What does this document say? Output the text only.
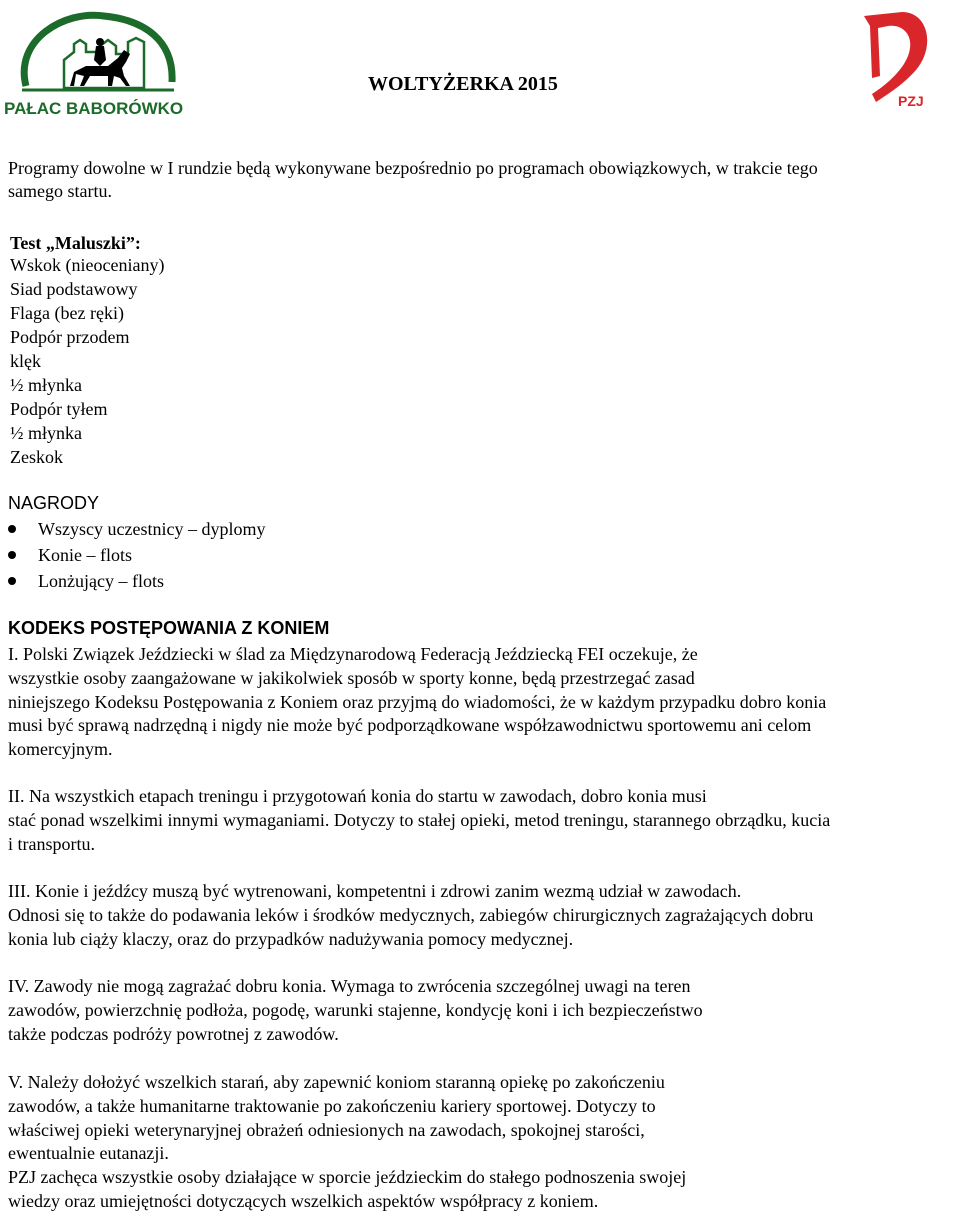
PAŁAC BABORÓWKO	PZJ
WOLTYŻERKA 2015
Programy dowolne w I rundzie będą wykonywane bezpośrednio po programach obowiązkowych, w trakcie tego
samego startu.
Test „Maluszki”:
Wskok (nieoceniany)
Siad podstawowy
Flaga (bez ręki)
Podpór przodem
klęk
½ młynka
Podpór tyłem
½ młynka
Zeskok
NAGRODY
Wszyscy uczestnicy – dyplomy
Konie – flots
Lonżujący – flots
KODEKS POSTĘPOWANIA Z KONIEM
I. Polski Związek Jeździecki w ślad za Międzynarodową Federacją Jeździecką FEI oczekuje, że
wszystkie osoby zaangażowane w jakikolwiek sposób w sporty konne, będą przestrzegać zasad
niniejszego Kodeksu Postępowania z Koniem oraz przyjmą do wiadomości, że w każdym przypadku dobro konia
musi być sprawą nadrzędną i nigdy nie może być podporządkowane współzawodnictwu sportowemu ani celom
komercyjnym.
II. Na wszystkich etapach treningu i przygotowań konia do startu w zawodach, dobro konia musi
stać ponad wszelkimi innymi wymaganiami. Dotyczy to stałej opieki, metod treningu, starannego obrządku, kucia
i transportu.
III. Konie i jeźdźcy muszą być wytrenowani, kompetentni i zdrowi zanim wezmą udział w zawodach.
Odnosi się to także do podawania leków i środków medycznych, zabiegów chirurgicznych zagrażających dobru
konia lub ciąży klaczy, oraz do przypadków nadużywania pomocy medycznej.
IV. Zawody nie mogą zagrażać dobru konia. Wymaga to zwrócenia szczególnej uwagi na teren
zawodów, powierzchnię podłoża, pogodę, warunki stajenne, kondycję koni i ich bezpieczeństwo
także podczas podróży powrotnej z zawodów.
V. Należy dołożyć wszelkich starań, aby zapewnić koniom staranną opiekę po zakończeniu
zawodów, a także humanitarne traktowanie po zakończeniu kariery sportowej. Dotyczy to
właściwej opieki weterynaryjnej obrażeń odniesionych na zawodach, spokojnej starości,
ewentualnie eutanazji.
PZJ zachęca wszystkie osoby działające w sporcie jeździeckim do stałego podnoszenia swojej
wiedzy oraz umiejętności dotyczących wszelkich aspektów współpracy z koniem.
